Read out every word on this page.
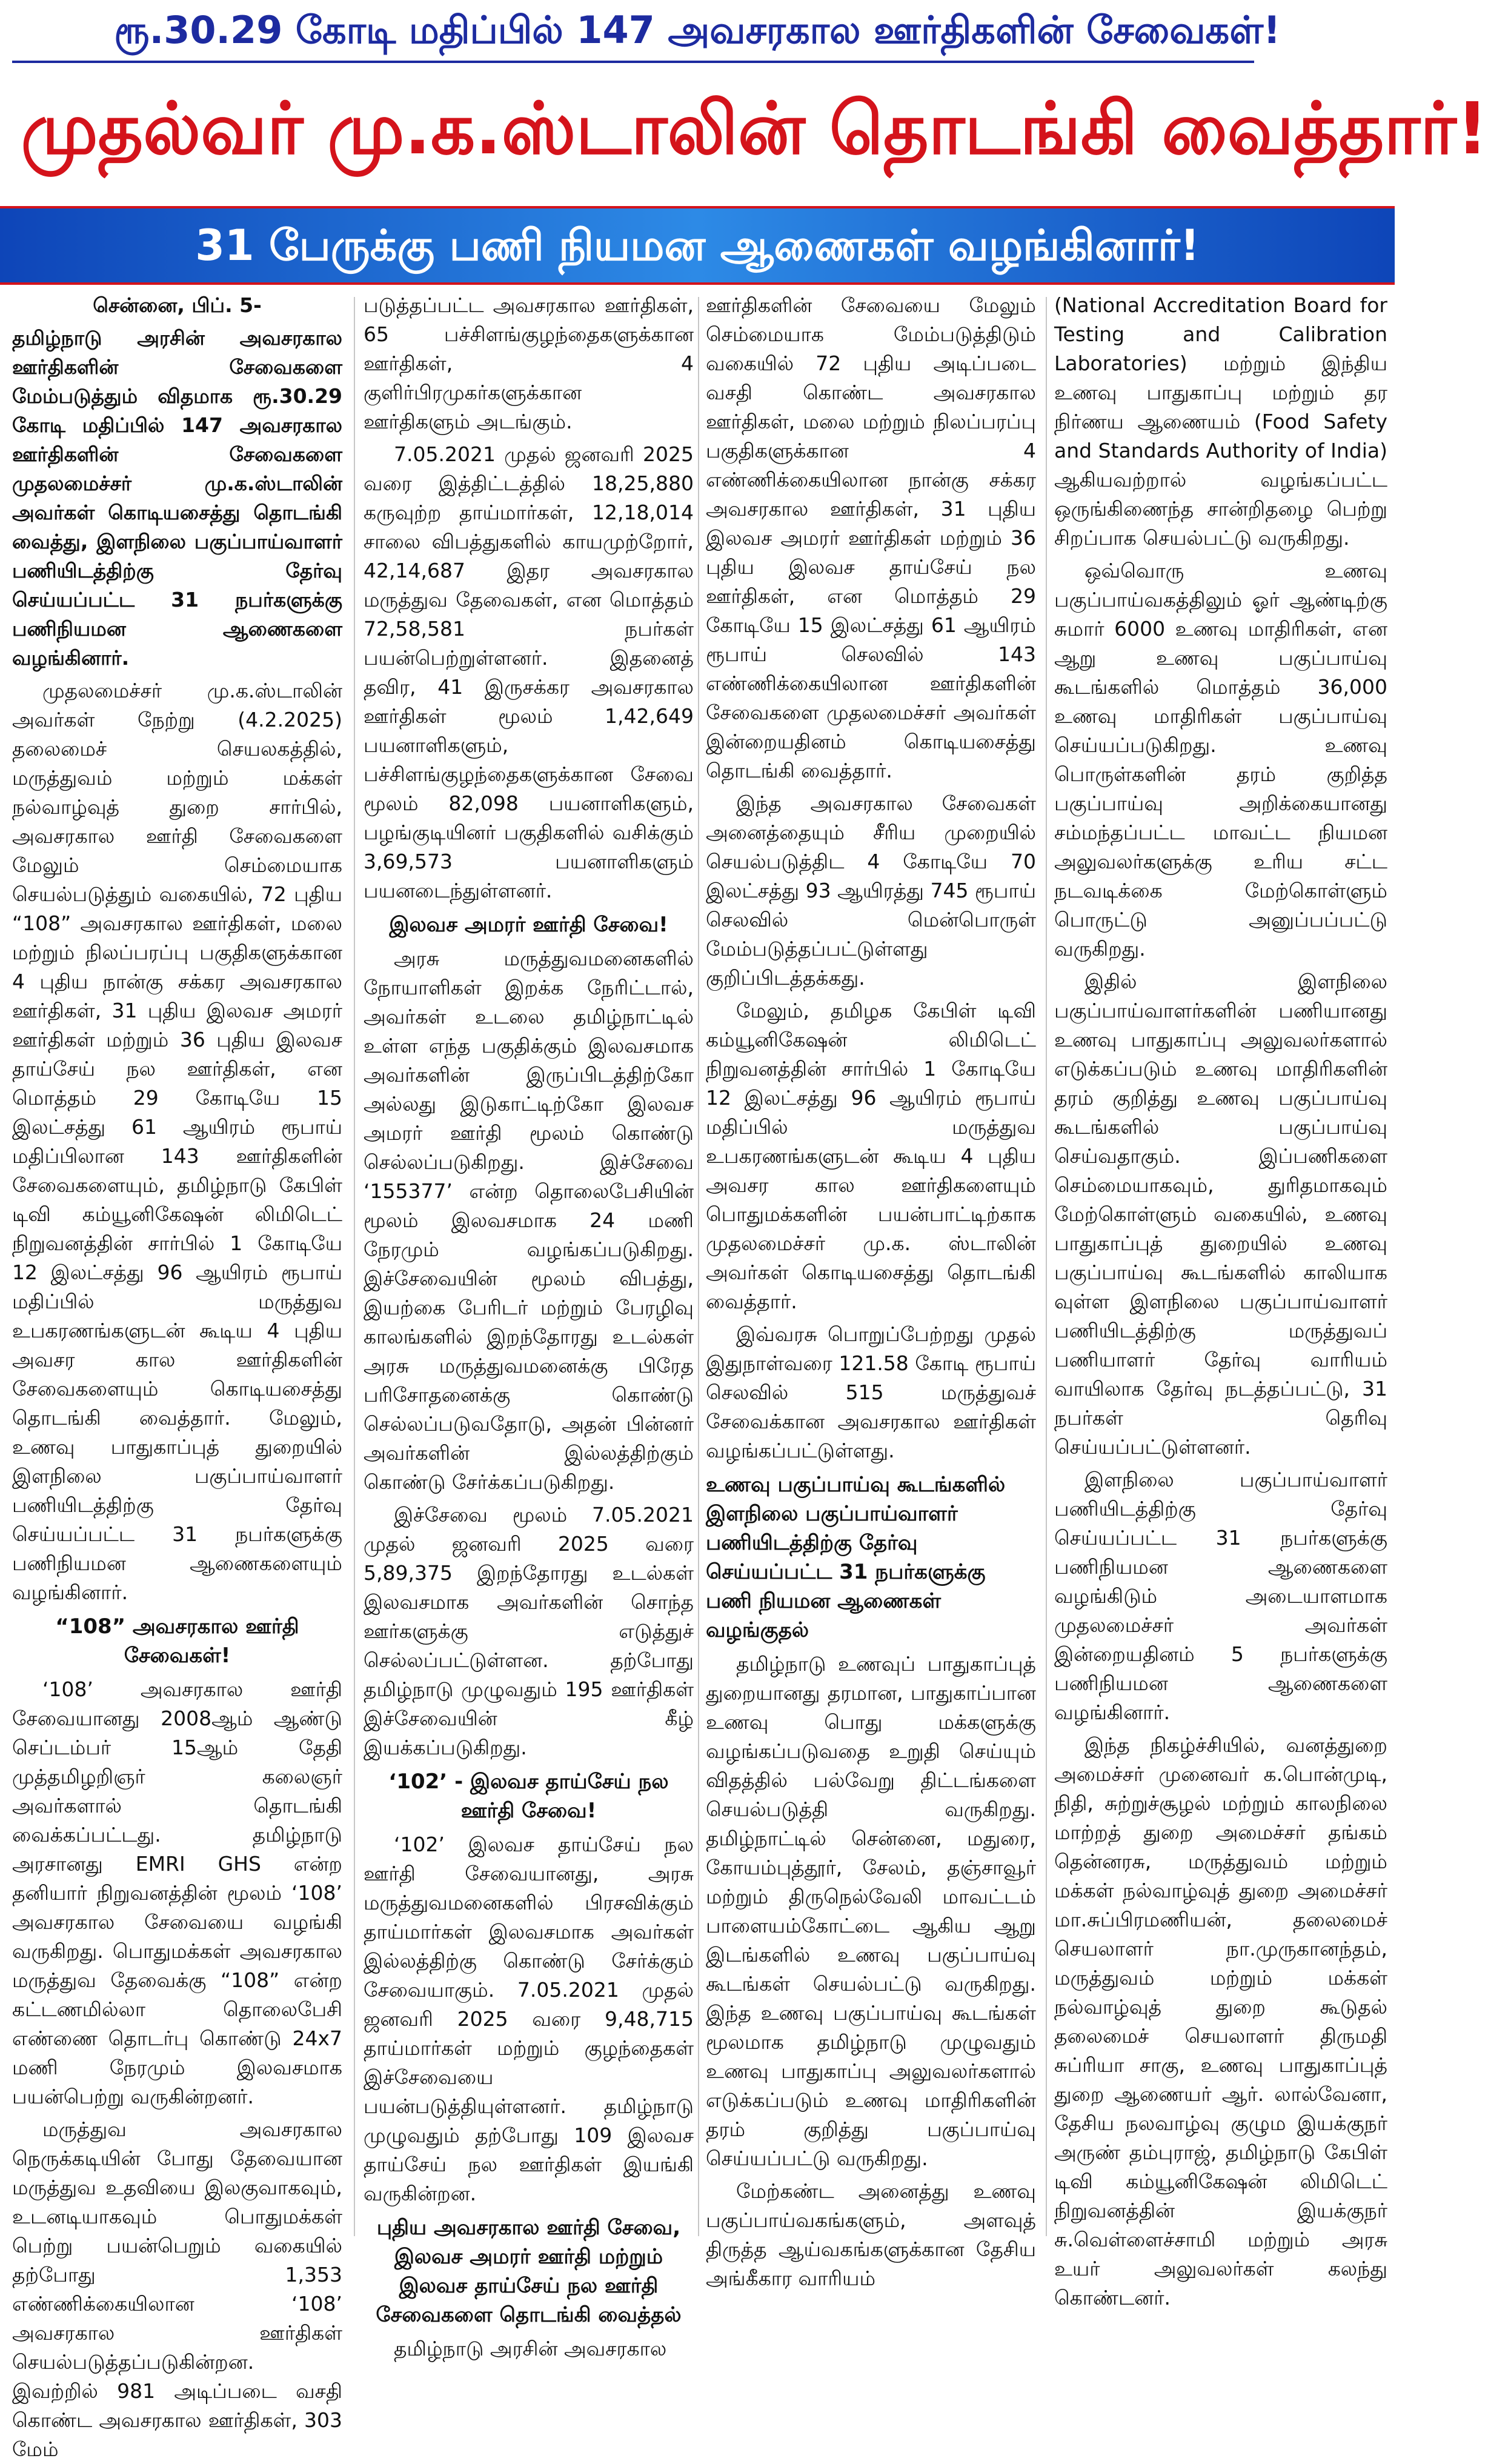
ரூ.30.29 கோடி மதிப்பில் 147 அவசரகால ஊர்திகளின் சேவைகள்!
முதல்வர் மு.க.ஸ்டாலின் தொடங்கி வைத்தார்!
31 பேருக்கு பணி நியமன ஆணைகள் வழங்கினார்!

சென்னை, பிப். 5-

தமிழ்நாடு அரசின் அவசரகால ஊர்திகளின் சேவைகளை மேம்படுத்தும் விதமாக ரூ.30.29 கோடி மதிப்பில் 147 அவசரகால ஊர்திகளின் சேவைகளை முதலமைச்சர் மு.க.ஸ்டாலின் அவர்கள் கொடியசைத்து தொடங்கி வைத்து, இளநிலை பகுப்பாய்வாளர் பணியிடத்திற்கு தேர்வு செய்யப்பட்ட 31 நபர்களுக்கு பணிநியமன ஆணைகளை வழங்கினார்.

முதலமைச்சர் மு.க.ஸ்டாலின் அவர்கள் நேற்று (4.2.2025) தலைமைச் செயலகத்தில், மருத்துவம் மற்றும் மக்கள் நல்வாழ்வுத் துறை சார்பில், அவசரகால ஊர்தி சேவைகளை மேலும் செம்மையாக செயல்படுத்தும் வகையில், 72 புதிய “108” அவசரகால ஊர்திகள், மலை மற்றும் நிலப்பரப்பு பகுதிகளுக்கான 4 புதிய நான்கு சக்கர அவசரகால ஊர்திகள், 31 புதிய இலவச அமரர் ஊர்திகள் மற்றும் 36 புதிய இலவச தாய்சேய் நல ஊர்திகள், என மொத்தம் 29 கோடியே 15 இலட்சத்து 61 ஆயிரம் ரூபாய் மதிப்பிலான 143 ஊர்திகளின் சேவைகளையும், தமிழ்நாடு கேபிள் டிவி கம்யூனிகேஷன் லிமிடெட் நிறுவனத்தின் சார்பில் 1 கோடியே 12 இலட்சத்து 96 ஆயிரம் ரூபாய் மதிப்பில் மருத்துவ உபகரணங்களுடன் கூடிய 4 புதிய அவசர கால ஊர்திகளின் சேவைகளையும் கொடியசைத்து தொடங்கி வைத்தார். மேலும், உணவு பாதுகாப்புத் துறையில் இளநிலை பகுப்பாய்வாளர் பணியிடத்திற்கு தேர்வு செய்யப்பட்ட 31 நபர்களுக்கு பணிநியமன ஆணைகளையும் வழங்கினார்.

“108” அவசரகால ஊர்தி சேவைகள்!

‘108’ அவசரகால ஊர்தி சேவையானது 2008ஆம் ஆண்டு செப்டம்பர் 15ஆம் தேதி முத்தமிழறிஞர் கலைஞர் அவர்களால் தொடங்கி வைக்கப்பட்டது. தமிழ்நாடு அரசானது EMRI GHS என்ற தனியார் நிறுவனத்தின் மூலம் ‘108’ அவசரகால சேவையை வழங்கி வருகிறது. பொதுமக்கள் அவசரகால மருத்துவ தேவைக்கு “108” என்ற கட்டணமில்லா தொலைபேசி எண்ணை தொடர்பு கொண்டு 24x7 மணி நேரமும் இலவசமாக பயன்பெற்று வருகின்றனர்.

மருத்துவ அவசரகால நெருக்கடியின் போது தேவையான மருத்துவ உதவியை இலகுவாகவும், உடனடியாகவும் பொதுமக்கள் பெற்று பயன்பெறும் வகையில் தற்போது 1,353 எண்ணிக்கையிலான ‘108’ அவசரகால ஊர்திகள் செயல்படுத்தப்படுகின்றன. இவற்றில் 981 அடிப்படை வசதி கொண்ட அவசரகால ஊர்திகள், 303 மேம்

படுத்தப்பட்ட அவசரகால ஊர்திகள், 65 பச்சிளங்குழந்தைகளுக்கான ஊர்திகள், 4 குளிர்பிரமுகர்களுக்கான ஊர்திகளும் அடங்கும்.

7.05.2021 முதல் ஜனவரி 2025 வரை இத்திட்டத்தில் 18,25,880 கருவுற்ற தாய்மார்கள், 12,18,014 சாலை விபத்துகளில் காயமுற்றோர், 42,14,687 இதர அவசரகால மருத்துவ தேவைகள், என மொத்தம் 72,58,581 நபர்கள் பயன்பெற்றுள்ளனர். இதனைத் தவிர, 41 இருசக்கர அவசரகால ஊர்திகள் மூலம் 1,42,649 பயனாளிகளும், பச்சிளங்குழந்தைகளுக்கான சேவை மூலம் 82,098 பயனாளிகளும், பழங்குடியினர் பகுதிகளில் வசிக்கும் 3,69,573 பயனாளிகளும் பயனடைந்துள்ளனர்.

இலவச அமரர் ஊர்தி சேவை!

அரசு மருத்துவமனைகளில் நோயாளிகள் இறக்க நேரிட்டால், அவர்கள் உடலை தமிழ்நாட்டில் உள்ள எந்த பகுதிக்கும் இலவசமாக அவர்களின் இருப்பிடத்திற்கோ அல்லது இடுகாட்டிற்கோ இலவச அமரர் ஊர்தி மூலம் கொண்டு செல்லப்படுகிறது. இச்சேவை ‘155377’ என்ற தொலைபேசியின் மூலம் இலவசமாக 24 மணி நேரமும் வழங்கப்படுகிறது. இச்சேவையின் மூலம் விபத்து, இயற்கை பேரிடர் மற்றும் பேரழிவு காலங்களில் இறந்தோரது உடல்கள் அரசு மருத்துவமனைக்கு பிரேத பரிசோதனைக்கு கொண்டு செல்லப்படுவதோடு, அதன் பின்னர் அவர்களின் இல்லத்திற்கும் கொண்டு சேர்க்கப்படுகிறது.

இச்சேவை மூலம் 7.05.2021 முதல் ஜனவரி 2025 வரை 5,89,375 இறந்தோரது உடல்கள் இலவசமாக அவர்களின் சொந்த ஊர்களுக்கு எடுத்துச் செல்லப்பட்டுள்ளன. தற்போது தமிழ்நாடு முழுவதும் 195 ஊர்திகள் இச்சேவையின் கீழ் இயக்கப்படுகிறது.

‘102’ - இலவச தாய்சேய் நல ஊர்தி சேவை!

‘102’ இலவச தாய்சேய் நல ஊர்தி சேவையானது, அரசு மருத்துவமனைகளில் பிரசவிக்கும் தாய்மார்கள் இலவசமாக அவர்கள் இல்லத்திற்கு கொண்டு சேர்க்கும் சேவையாகும். 7.05.2021 முதல் ஜனவரி 2025 வரை 9,48,715 தாய்மார்கள் மற்றும் குழந்தைகள் இச்சேவையை பயன்படுத்தியுள்ளனர். தமிழ்நாடு முழுவதும் தற்போது 109 இலவச தாய்சேய் நல ஊர்திகள் இயங்கி வருகின்றன.

புதிய அவசரகால ஊர்தி சேவை, இலவச அமரர் ஊர்தி மற்றும் இலவச தாய்சேய் நல ஊர்தி சேவைகளை தொடங்கி வைத்தல்

தமிழ்நாடு அரசின் அவசரகால

ஊர்திகளின் சேவையை மேலும் செம்மையாக மேம்படுத்திடும் வகையில் 72 புதிய அடிப்படை வசதி கொண்ட அவசரகால ஊர்திகள், மலை மற்றும் நிலப்பரப்பு பகுதிகளுக்கான 4 எண்ணிக்கையிலான நான்கு சக்கர அவசரகால ஊர்திகள், 31 புதிய இலவச அமரர் ஊர்திகள் மற்றும் 36 புதிய இலவச தாய்சேய் நல ஊர்திகள், என மொத்தம் 29 கோடியே 15 இலட்சத்து 61 ஆயிரம் ரூபாய் செலவில் 143 எண்ணிக்கையிலான ஊர்திகளின் சேவைகளை முதலமைச்சர் அவர்கள் இன்றையதினம் கொடியசைத்து தொடங்கி வைத்தார்.

இந்த அவசரகால சேவைகள் அனைத்தையும் சீரிய முறையில் செயல்படுத்திட 4 கோடியே 70 இலட்சத்து 93 ஆயிரத்து 745 ரூபாய் செலவில் மென்பொருள் மேம்படுத்தப்பட்டுள்ளது குறிப்பிடத்தக்கது.

மேலும், தமிழக கேபிள் டிவி கம்யூனிகேஷன் லிமிடெட் நிறுவனத்தின் சார்பில் 1 கோடியே 12 இலட்சத்து 96 ஆயிரம் ரூபாய் மதிப்பில் மருத்துவ உபகரணங்களுடன் கூடிய 4 புதிய அவசர கால ஊர்திகளையும் பொதுமக்களின் பயன்பாட்டிற்காக முதலமைச்சர் மு.க. ஸ்டாலின் அவர்கள் கொடியசைத்து தொடங்கி வைத்தார்.

இவ்வரசு பொறுப்பேற்றது முதல் இதுநாள்வரை 121.58 கோடி ரூபாய் செலவில் 515 மருத்துவச் சேவைக்கான அவசரகால ஊர்திகள் வழங்கப்பட்டுள்ளது.

உணவு பகுப்பாய்வு கூடங்களில் இளநிலை பகுப்பாய்வாளர் பணியிடத்திற்கு தேர்வு செய்யப்பட்ட 31 நபர்களுக்கு பணி நியமன ஆணைகள் வழங்குதல்

தமிழ்நாடு உணவுப் பாதுகாப்புத் துறையானது தரமான, பாதுகாப்பான உணவு பொது மக்களுக்கு வழங்கப்படுவதை உறுதி செய்யும் விதத்தில் பல்வேறு திட்டங்களை செயல்படுத்தி வருகிறது. தமிழ்நாட்டில் சென்னை, மதுரை, கோயம்புத்தூர், சேலம், தஞ்சாவூர் மற்றும் திருநெல்வேலி மாவட்டம் பாளையம்கோட்டை ஆகிய ஆறு இடங்களில் உணவு பகுப்பாய்வு கூடங்கள் செயல்பட்டு வருகிறது. இந்த உணவு பகுப்பாய்வு கூடங்கள் மூலமாக தமிழ்நாடு முழுவதும் உணவு பாதுகாப்பு அலுவலர்களால் எடுக்கப்படும் உணவு மாதிரிகளின் தரம் குறித்து பகுப்பாய்வு செய்யப்பட்டு வருகிறது.

மேற்கண்ட அனைத்து உணவு பகுப்பாய்வகங்களும், அளவுத் திருத்த ஆய்வகங்களுக்கான தேசிய அங்கீகார வாரியம்

(National Accreditation Board for Testing and Calibration Laboratories) மற்றும் இந்திய உணவு பாதுகாப்பு மற்றும் தர நிர்ணய ஆணையம் (Food Safety and Standards Authority of India) ஆகியவற்றால் வழங்கப்பட்ட ஒருங்கிணைந்த சான்றிதழை பெற்று சிறப்பாக செயல்பட்டு வருகிறது.

ஒவ்வொரு உணவு பகுப்பாய்வகத்திலும் ஓர் ஆண்டிற்கு சுமார் 6000 உணவு மாதிரிகள், என ஆறு உணவு பகுப்பாய்வு கூடங்களில் மொத்தம் 36,000 உணவு மாதிரிகள் பகுப்பாய்வு செய்யப்படுகிறது. உணவு பொருள்களின் தரம் குறித்த பகுப்பாய்வு அறிக்கையானது சம்மந்தப்பட்ட மாவட்ட நியமன அலுவலர்களுக்கு உரிய சட்ட நடவடிக்கை மேற்கொள்ளும் பொருட்டு அனுப்பப்பட்டு வருகிறது.

இதில் இளநிலை பகுப்பாய்வாளர்களின் பணியானது உணவு பாதுகாப்பு அலுவலர்களால் எடுக்கப்படும் உணவு மாதிரிகளின் தரம் குறித்து உணவு பகுப்பாய்வு கூடங்களில் பகுப்பாய்வு செய்வதாகும். இப்பணிகளை செம்மையாகவும், துரிதமாகவும் மேற்கொள்ளும் வகையில், உணவு பாதுகாப்புத் துறையில் உணவு பகுப்பாய்வு கூடங்களில் காலியாக வுள்ள இளநிலை பகுப்பாய்வாளர் பணியிடத்திற்கு மருத்துவப் பணியாளர் தேர்வு வாரியம் வாயிலாக தேர்வு நடத்தப்பட்டு, 31 நபர்கள் தெரிவு செய்யப்பட்டுள்ளனர்.

இளநிலை பகுப்பாய்வாளர் பணியிடத்திற்கு தேர்வு செய்யப்பட்ட 31 நபர்களுக்கு பணிநியமன ஆணைகளை வழங்கிடும் அடையாளமாக முதலமைச்சர் அவர்கள் இன்றையதினம் 5 நபர்களுக்கு பணிநியமன ஆணைகளை வழங்கினார்.

இந்த நிகழ்ச்சியில், வனத்துறை அமைச்சர் முனைவர் க.பொன்முடி, நிதி, சுற்றுச்சூழல் மற்றும் காலநிலை மாற்றத் துறை அமைச்சர் தங்கம் தென்னரசு, மருத்துவம் மற்றும் மக்கள் நல்வாழ்வுத் துறை அமைச்சர் மா.சுப்பிரமணியன், தலைமைச் செயலாளர் நா.முருகானந்தம், மருத்துவம் மற்றும் மக்கள் நல்வாழ்வுத் துறை கூடுதல் தலைமைச் செயலாளர் திருமதி சுப்ரியா சாகு, உணவு பாதுகாப்புத் துறை ஆணையர் ஆர். லால்வேனா, தேசிய நலவாழ்வு குழும இயக்குநர் அருண் தம்புராஜ், தமிழ்நாடு கேபிள் டிவி கம்யூனிகேஷன் லிமிடெட் நிறுவனத்தின் இயக்குநர் சு.வெள்ளைச்சாமி மற்றும் அரசு உயர் அலுவலர்கள் கலந்து கொண்டனர்.
